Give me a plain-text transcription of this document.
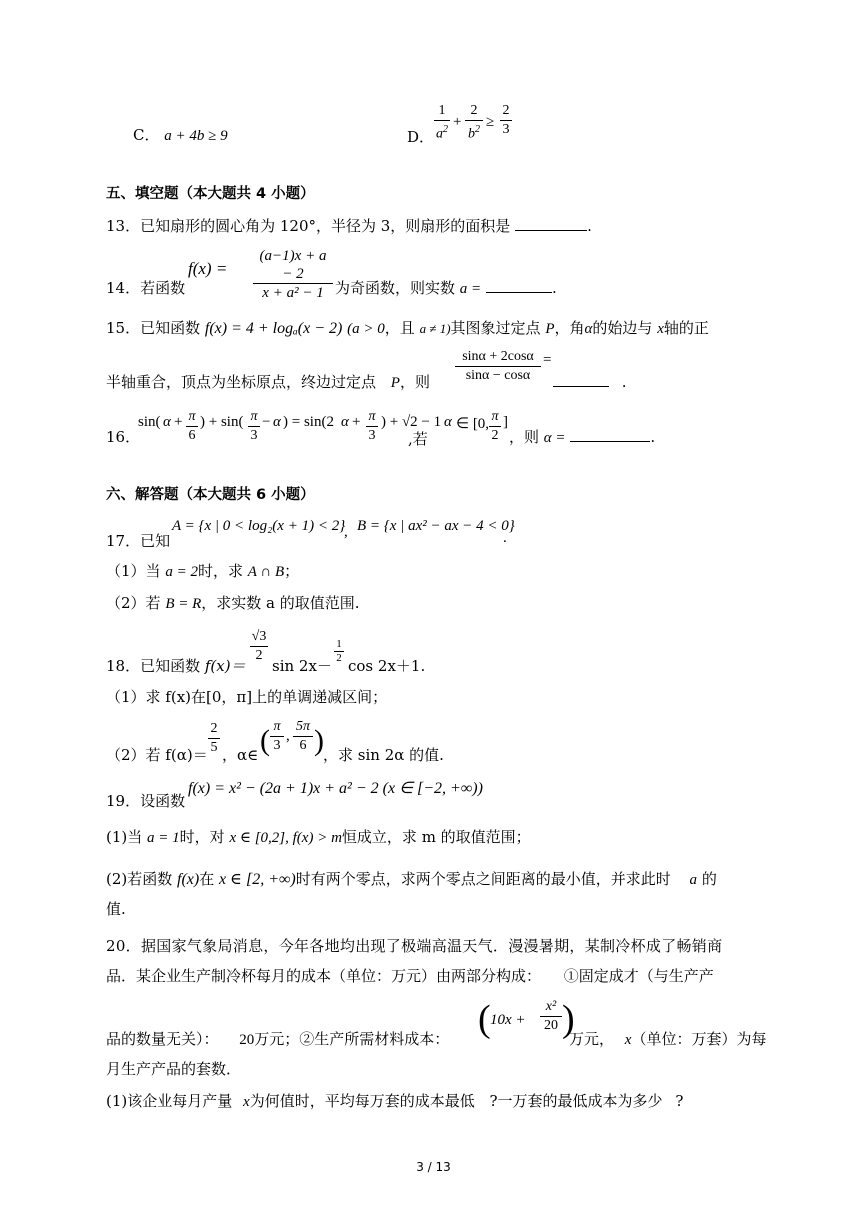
C． a + 4b ≥ 9	D．
1
$a^2$ +
2
$b^2$ ≥
2
3
五、填空题（本大题共 4 小题）
13．已知扇形的圆心角为 120°，半径为 3，则扇形的面积是	.
14．若函数
f(x) =
(a−1)x + a − 2
x + a² − 1 为奇函数，则实数 a =	.
15．已知函数 f(x) = 4 + logₐ(x − 2) (a > 0，且 a ≠ 1)其图象过定点 P，角α的始边与 x轴的正
半轴重合，顶点为坐标原点，终边过定点 P，则
sinα + 2cosα
sinα − cosα
=
.
16．
sin( α + π
6
) + sin( π
3
− α ) = sin(2 α + π
3
) + √2 − 1
,若
α ∈ [0, π
2
]
，则 α =	.
六、解答题（本大题共 6 小题）
17．已知
A = {x | 0 < log₂(x + 1) < 2}
, B = {x | ax² − ax − 4 < 0}
.
（1）当 a = 2时，求 A ∩ B；
（2）若 B = R，求实数 a 的取值范围.
18．已知函数 f(x)＝
√3
2
sin 2x－
1
2 cos 2x＋1.
（1）求 f(x)在[0，π]上的单调递减区间；
（2）若 f(α)＝
2
5 ，α∈ ( π
3
,
5π
6 ) ，求 sin 2α 的值.
19．设函数
f(x) = x² − (2a + 1)x + a² − 2 (x ∈ [−2, +∞))
(1)当 a = 1时，对 x ∈ [0,2], f(x) > m恒成立，求 m 的取值范围；
(2)若函数 f(x)在 x ∈ [2, +∞)时有两个零点，求两个零点之间距离的最小值，并求此时 a 的
值.
20．据国家气象局消息，今年各地均出现了极端高温天气．漫漫暑期，某制冷杯成了畅销商
品．某企业生产制冷杯每月的成本（单位：万元）由两部分构成： ①固定成才（与生产产
品的数量无关）： 20万元；②生产所需材料成本： ( 10x +
x²
20 )
万元， x（单位：万套）为每
月生产产品的套数．
(1)该企业每月产量 x为何值时，平均每万套的成本最低 ?一万套的最低成本为多少 ?
3 / 13
